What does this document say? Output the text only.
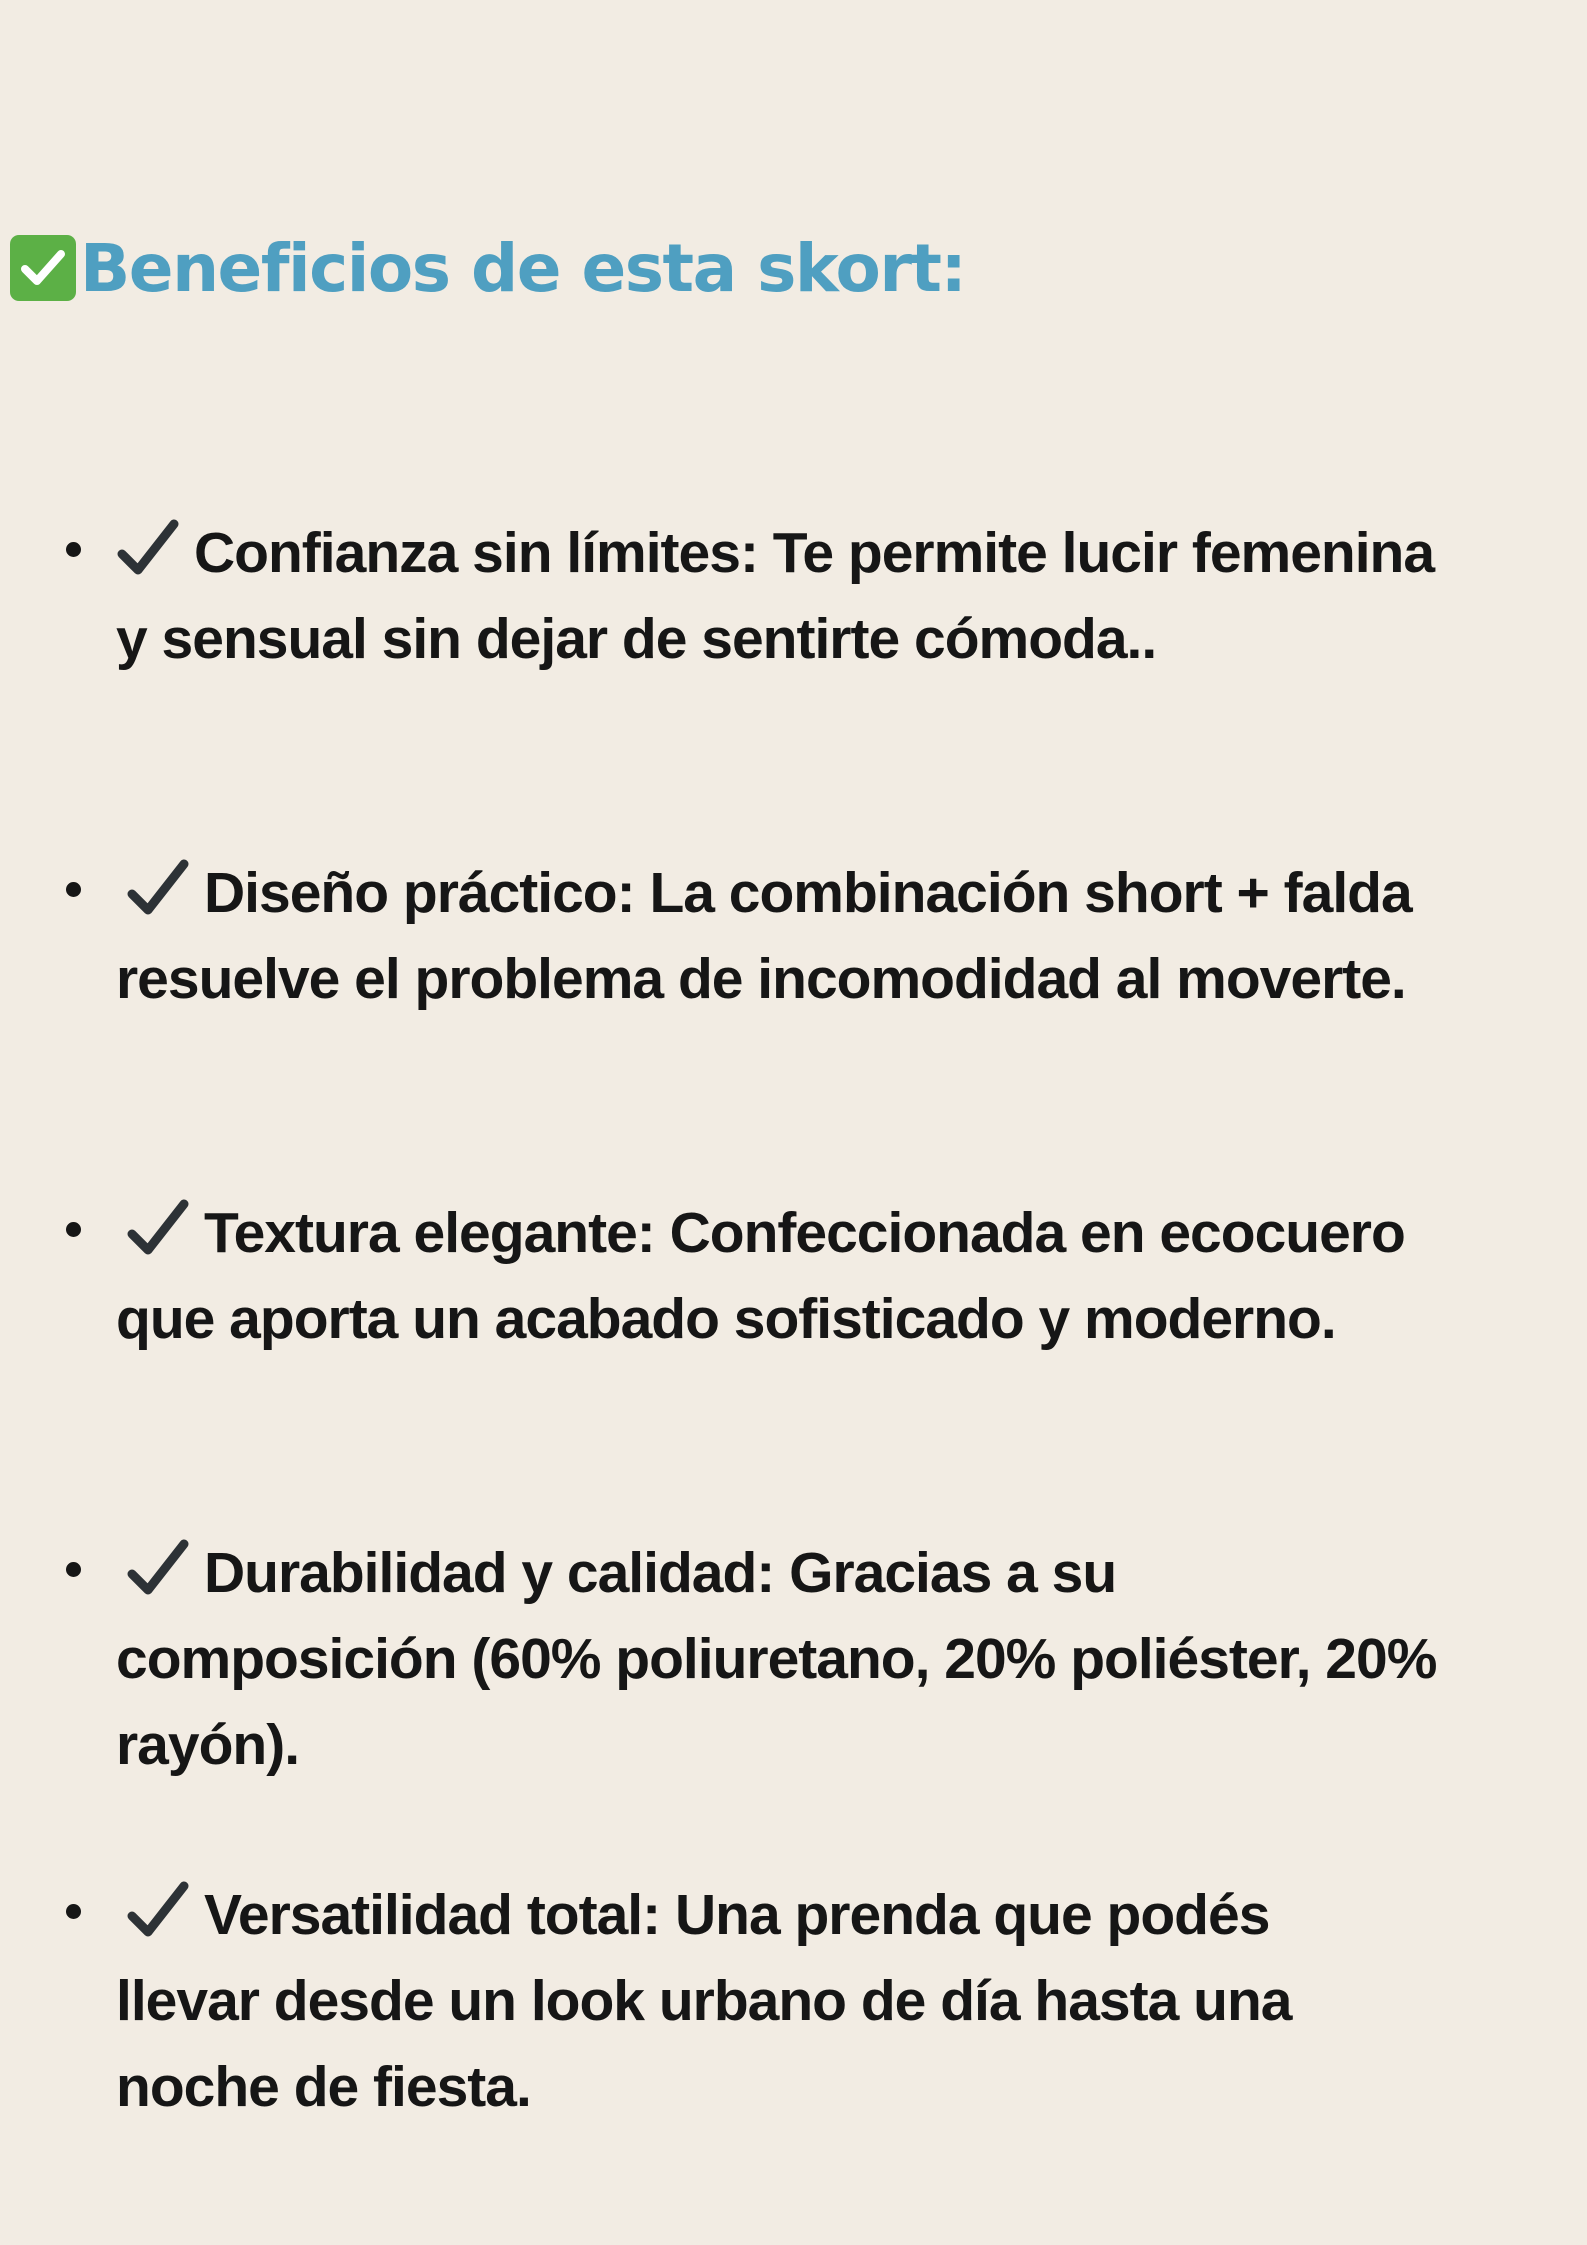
Beneficios de esta skort:
Confianza sin límites: Te permite lucir femenina
y sensual sin dejar de sentirte cómoda..
Diseño práctico: La combinación short + falda
resuelve el problema de incomodidad al moverte.
Textura elegante: Confeccionada en ecocuero
que aporta un acabado sofisticado y moderno.
Durabilidad y calidad: Gracias a su
composición (60% poliuretano, 20% poliéster, 20%
rayón).
Versatilidad total: Una prenda que podés
llevar desde un look urbano de día hasta una
noche de fiesta.
